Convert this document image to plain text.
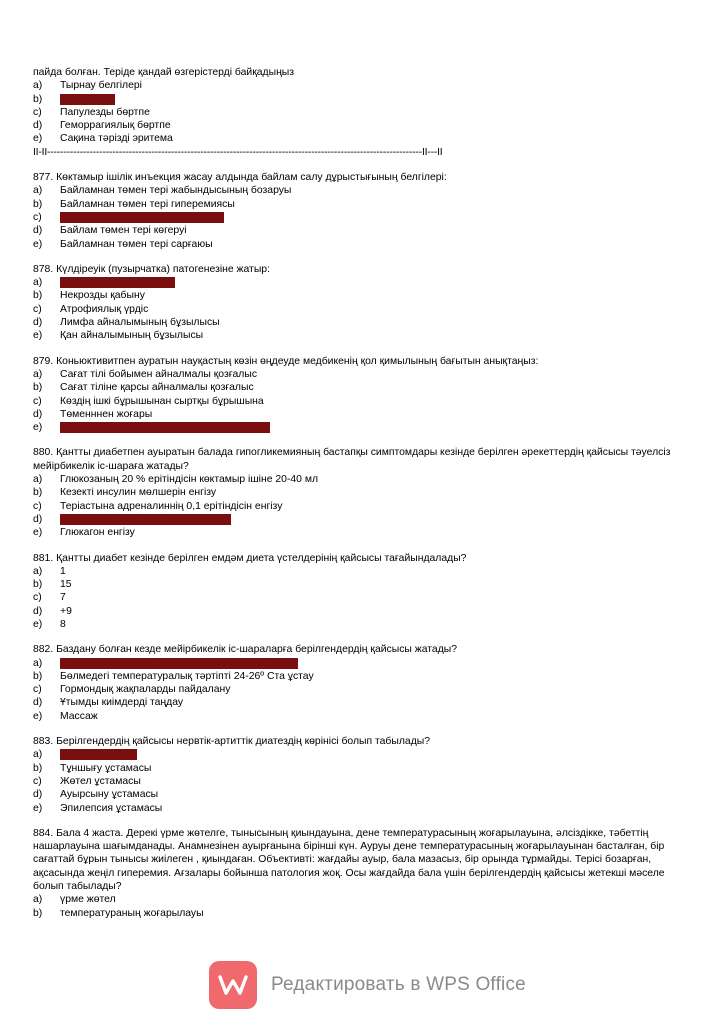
пайда болған. Теріде қандай өзгерістерді байқадыңыз
a) Тырнау белгілері
b) +Күлдіреуік
c) Папулезды бөртпе
d) Геморрагиялық бөртпе
e) Сақина тәрізді эритема
II-II-------------------------------------------------------------------------------------------------------------------II---II
877. Көктамыр ішілік инъекция жасау алдында байлам салу дұрыстығының белгілері:
a) Байламнан төмен тері жабындысының бозаруы
b) Байламнан төмен тері гиперемиясы
c) +Байламнан төмен терінің көгеруі
d) Байлам төмен тері көгеруі
e) Байламнан төмен тері сарғаюы
878. Күлдіреуік (пузырчатка) патогенезіне жатыр:
a) +Аутоиммунды реакция
b) Некрозды қабыну
c) Атрофиялық үрдіс
d) Лимфа айналымының бұзылысы
e) Қан айналымының бұзылысы
879. Коньюктивитпен ауратын науқастың көзін өңдеуде медбикенің қол қимылының бағытын анықтаңыз:
a) Сағат тілі бойымен айналмалы қозғалыс
b) Сағат тіліне қарсы айналмалы қозғалыс
c) Көздің ішкі бұрышынан сыртқы бұрышына
d) Төменннен жоғары
e) +Көздің сыртқы бұрышынан ішкі бұрышына
880. Қантты диабетпен ауыратын балада гипогликемияның бастапқы симптомдары кезінде берілген әрекеттердің қайсысы тәуелсіз мейірбикелік іс-шараға жатады?
a) Глюкозаның 20 % ерітіндісін көктамыр ішіне 20-40 мл
b) Кезекті инсулин мөлшерін енгізу
c) Теріастына адреналиннің 0,1 ерітіндісін енгізу
d) +Науқасты тәтті шай, печенье беру
e) Глюкагон енгізу
881. Қантты диабет кезінде берілген емдәм диета үстелдерінің қайсысы тағайындалады?
a) 1
b) 15
c) 7
d) +9
e) 8
882. Баздану болған кезде мейірбикелік іс-шараларға берілгендердің қайсысы жатады?
a) +Сүтбездерді жылы жаймен сипап массаж жасау
b) Бөлмедегі температуралық тәртіпті 24-26º Ста ұстау
c) Гормондық жақпаларды пайдалану
d) Ұтымды киімдерді таңдау
e) Массаж
883. Берілгендердің қайсысы нервтік-артиттік диатездің көрінісі болып табылады?
a) +Құсу ұстамасы
b) Тұншығу ұстамасы
c) Жөтел ұстамасы
d) Ауырсыну ұстамасы
e) Эпилепсия ұстамасы
884. Бала 4 жаста. Дерекі үрме жөтелге, тынысының қиындауына, дене температурасының жоғарылауына, әлсіздікке, тәбеттің нашарлауына шағымданады. Анамнезінен ауырғанына бірінші күн. Ауруы дене температурасының жоғарылауынан басталған, бір сағаттай бұрын тынысы жиілеген , қиындаған. Объективті: жағдайы ауыр, бала мазасыз, бір орында тұрмайды. Терісі бозарған, ақсасында жеңіл гиперемия. Ағзалары бойынша патология жоқ. Осы жағдайда бала үшін берілгендердің қайсысы жетекші мәселе болып табылады?
a) үрме жөтел
b) температураның жоғарылауы
Редактировать в WPS Office
